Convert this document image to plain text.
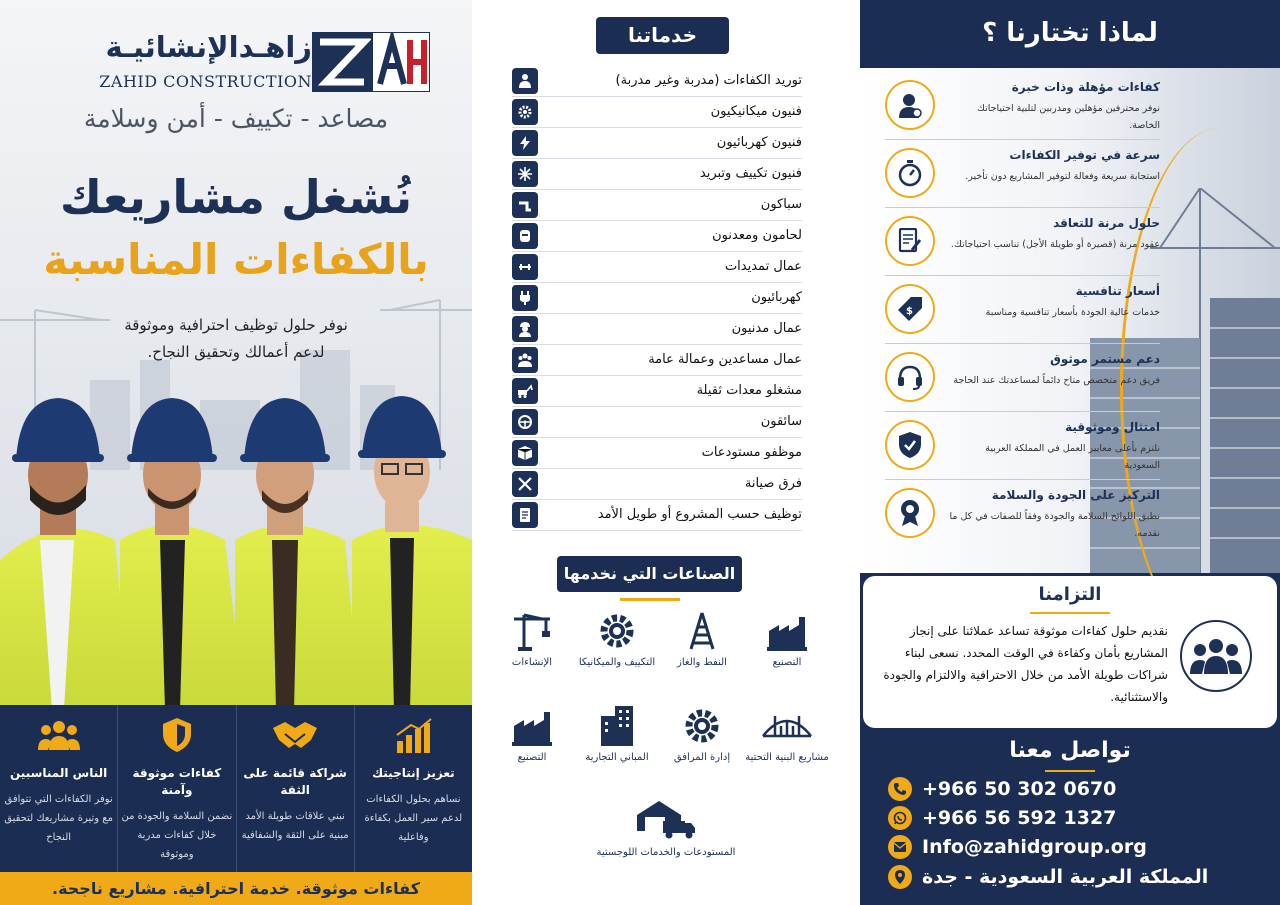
زاهـدالإنشائيـة
ZAHID CONSTRUCTION
مصاعد - تكييف - أمن وسلامة
نُشغل مشاريعك
بالكفاءات المناسبة
نوفر حلول توظيف احترافية وموثوقة
لدعم أعمالك وتحقيق النجاح.
تعزيز إنتاجيتك
نساهم بحلول الكفاءات لدعم سير العمل بكفاءة وفاعلية
شراكة قائمة على الثقة
نبني علاقات طويلة الأمد مبنية على الثقة والشفافية
كفاءات موثوقة وآمنة
نضمن السلامة والجودة من خلال كفاءات مدربة وموثوقة
الناس المناسبين
نوفر الكفاءات التي تتوافق مع وتيرة مشاريعك لتحقيق النجاح
كفاءات موثوقة. خدمة احترافية. مشاريع ناجحة.
خدماتنا
توريد الكفاءات (مدربة وغير مدربة)
فنيون ميكانيكيون
فنيون كهربائيون
فنيون تكييف وتبريد
سباكون
لحامون ومعدنون
عمال تمديدات
كهربائيون
عمال مدنيون
عمال مساعدين وعمالة عامة
مشغلو معدات ثقيلة
سائقون
موظفو مستودعات
فرق صيانة
توظيف حسب المشروع أو طويل الأمد
الصناعات التي نخدمها
التصنيع
النفط والغاز
التكييف والميكانيكا
الإنشاءات
مشاريع البنية التحتية
إدارة المرافق
المباني التجارية
التصنيع
المستودعات والخدمات اللوجستية
لماذا تختارنا ؟
كفاءات مؤهلة وذات خبرة
نوفر محترفين مؤهلين ومدربين لتلبية احتياجاتك الخاصة.
سرعة في توفير الكفاءات
استجابة سريعة وفعالة لتوفير المشاريع دون تأخير.
حلول مرنة للتعاقد
عقود مرنة (قصيرة أو طويلة الأجل) تناسب احتياجاتك.
$
أسعار تنافسية
خدمات عالية الجودة بأسعار تنافسية ومناسبة
دعم مستمر موثوق
فريق دعم متخصص متاح دائماً لمساعدتك عند الحاجة
امتثال وموثوقية
نلتزم بأعلى معايير العمل في المملكة العربية السعودية
التركيز على الجودة والسلامة
نطبق اللوائح السلامة والجودة وفقاً للصفات في كل ما نقدمه.
التزامنا
نقديم حلول كفاءات موثوقة تساعد عملائنا على إنجاز المشاريع بأمان وكفاءة في الوقت المحدد. نسعى لبناء شراكات طويلة الأمد من خلال الاحترافية والالتزام والجودة والاستثنائية.
تواصل معنا
+966 50 302 0670
+966 56 592 1327
Info@zahidgroup.org
المملكة العربية السعودية - جدة
